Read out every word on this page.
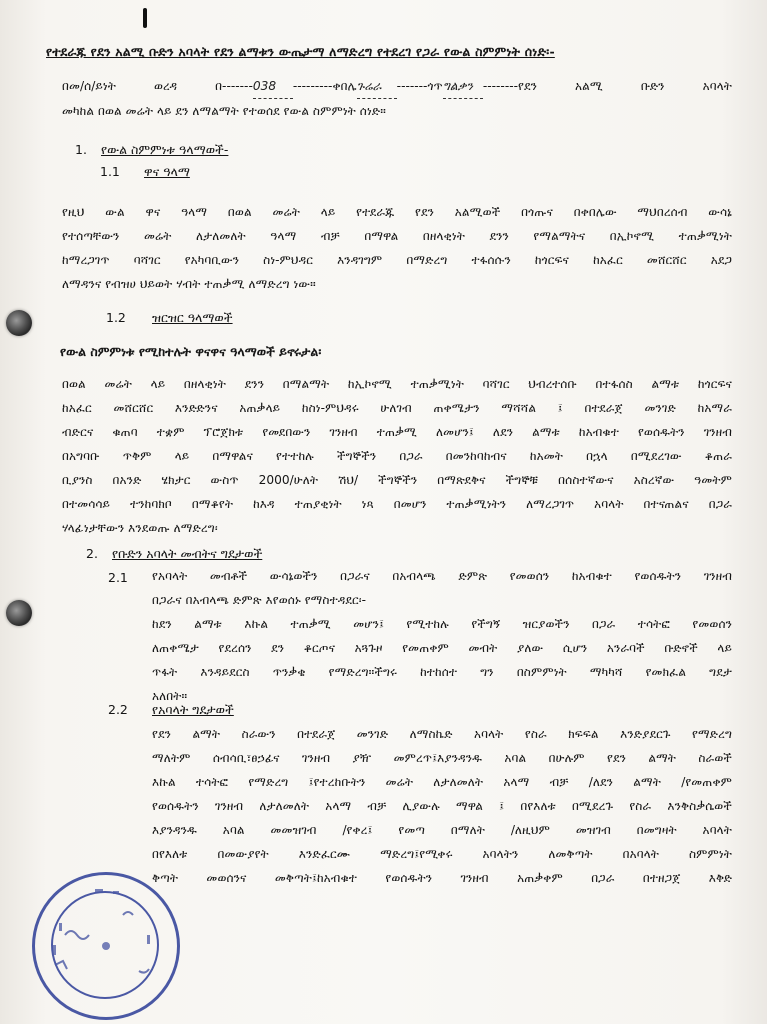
የተደራጁ የደን አልሚ ቡድን አባላት የደን ልማቱን ውጤታማ ለማድረግ የተደረገ የጋራ የውል ስምምነት ሰነድ፡-
በመ/ሰ/ይነት ወረዳ በ-------038 ---------ቀበሌጉሬራ -------ጎጥግልቃን --------የደን አልሚ ቡድን አባላት
መካከል በወል መሬት ላይ ደን ለማልማት የተወሰደ የውል ስምምነት ሰነድ።
1. የውል ስምምነቱ ዓላማወች-
1.1 ዋና ዓላማ
የዚህ ውል ዋና ዓላማ በወል መሬት ላይ የተደራጁ የደን አልሚወች በጎጡና በቀበሌው ማህበረሰብ ውሳኔ
የተሰጣቸውን መሬት ለታለመለት ዓላማ ብቻ በማዋል በዘላቂነት ደንን የማልማትና በኢኮኖሚ ተጠቃሚነት
ከማረጋገጥ ባሻገር የአካባቢውን ስነ-ምህዳር እንዳገግም በማድረግ ተፋሰሱን ከጎርፍና ከአፈር መሸርሸር አደጋ
ለማዳንና የብዝሀ ህይወት ሃብት ተጠቃሚ ለማድረግ ነው።
1.2 ዝርዝር ዓላማወች
የውል ስምምነቱ የሚከተሉት ዋናዋና ዓላማወች ይኖሩታል፡
በወል መሬት ላይ በዘላቂነት ደንን በማልማት ከኢኮኖሚ ተጠቃሚነት ባሻገር ህብረተሰቡ በተፋሰስ ልማቱ ከጎርፍና
ከአፈር መሸርሸር እንድድንና አጠቃላይ ከስነ-ምህዳሩ ሁለገብ ጠቀሜታን ማሻሻል ፤ በተደራጀ መንገድ ከአማራ
ብድርና ቁጠባ ተቋም ፕሮጀክቱ የመደበውን ገንዘብ ተጠቃሚ ለመሆን፤ ለደን ልማቱ ከአብቁተ የወሰዱትን ገንዘብ
በአግባቡ ጥቅም ላይ በማዋልና የተተከሉ ችግኞችን በጋራ በመንከባከብና ከአመት በኋላ በሚደረገው ቆጠራ
ቢያንስ በአንድ ሄክታር ውስጥ 2000/ሁለት ሽህ/ ችግኞችን በማጽደቅና ችግኞቹ በሰስተኛውና አስረኛው ዓመትም
በተመሳሳይ ተንከባክቦ በማቆየት ከእዳ ተጠያቂነት ነጻ በመሆን ተጠቃሚነትን ለማረጋገጥ አባላት በተናጠልና በጋራ
ሃላፊነታቸውን እንደወጡ ለማድረግ፡
2. የቡድን አባላት መብትና ግደታወች
2.1 የአባላት መብቶች ውሳኔወችን በጋራና በአብላጫ ድምጽ የመወሰን ከአብቁተ የወሰዱትን ገንዘብ
በጋራና በአብላጫ ድምጽ እየወሰኑ የማስተዳደር፡-
ከደን ልማቱ እኩል ተጠቃሚ መሆን፤ የሚተከሉ የችግኝ ዝርያወችን በጋራ ተሳትፎ የመወሰን
ለጠቀሜታ የደረሰን ደን ቆርጦና አጓጉዞ የመጠቀም መብት ያለው ሲሆን አንራባች ቡድኖች ላይ
ጥፋት እንዳይደርስ ጥንቃቄ የማድረግ።ችግሩ ከተከሰተ ግን በስምምነት ማካካሻ የመክፈል ግደታ
አለበት።
2.2 የአባላት ግደታወች
የደን ልማት ስራውን በተደራጀ መንገድ ለማስኬድ አባላት የስራ ክፍፍል እንድያደርጉ የማድረግ
ማለትም ሰብሳቢ፣ፀኃፊና ገንዘብ ያዥ መምረጥ፤እያንዳንዱ አባል በሁሉም የደን ልማት ስራወች
እኩል ተሳትፎ የማድረግ ፤የተረከቡትን መሬት ለታለመለት አላማ ብቻ /ለደን ልማት /የመጠቀም
የወሰዱትን ገንዘብ ለታለመለት አላማ ብቻ ሊያውሉ ማዋል ፤ በየእለቱ በሚደረጉ የስራ እንቅስቃሴወች
እያንዳንዱ አባል መመዝገብ /የቀረ፤ የመጣ በማለት /ለዚህም መዝገብ በመግዛት አባላት
በየእለቱ በመውያየት እንድፈርሙ ማድረግ፤የሚቀሩ አባላትን ለመቅጣት በአባላት ስምምነት
ቅጣት መወሰንና መቅጣት፤ከአብቁተ የወሰዱትን ገንዘብ አጠቃቀም በጋራ በተዘጋጀ እቅድ
